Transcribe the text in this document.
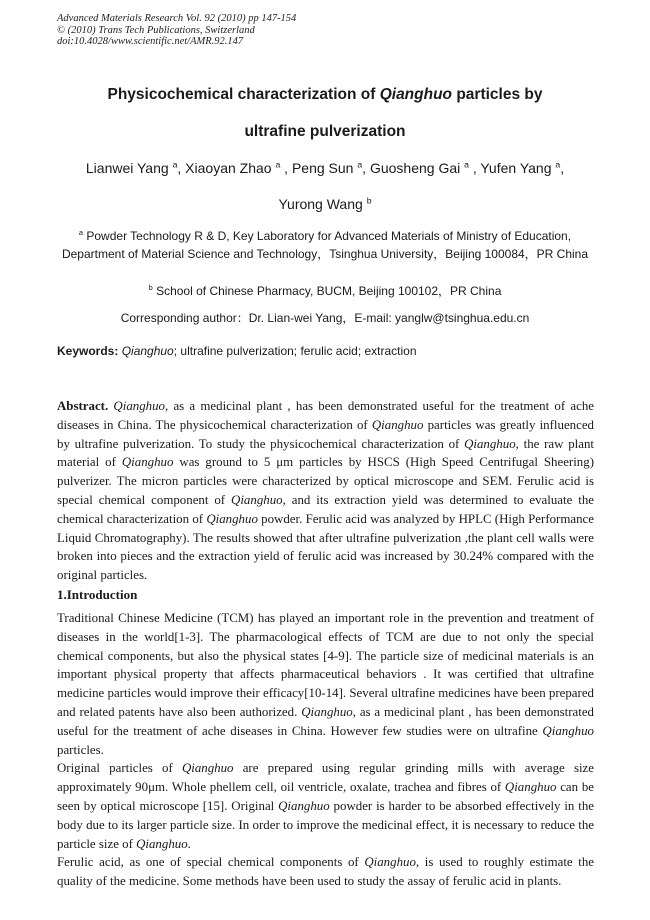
Advanced Materials Research Vol. 92 (2010) pp 147-154
© (2010) Trans Tech Publications, Switzerland
doi:10.4028/www.scientific.net/AMR.92.147
Physicochemical characterization of Qianghuo particles by
ultrafine pulverization
Lianwei Yang $^a$, Xiaoyan Zhao $^a$ , Peng Sun $^a$, Guosheng Gai $^a$ , Yufen Yang $^a$,
Yurong Wang $^b$
$^a$ Powder Technology R & D, Key Laboratory for Advanced Materials of Ministry of Education, Department of Material Science and Technology，Tsinghua University，Beijing 100084，PR China
$^b$ School of Chinese Pharmacy, BUCM, Beijing 100102，PR China
Corresponding author：Dr. Lian-wei Yang，E-mail: yanglw@tsinghua.edu.cn
Keywords: Qianghuo; ultrafine pulverization; ferulic acid; extraction
Abstract. Qianghuo, as a medicinal plant , has been demonstrated useful for the treatment of ache diseases in China. The physicochemical characterization of Qianghuo particles was greatly influenced by ultrafine pulverization. To study the physicochemical characterization of Qianghuo, the raw plant material of Qianghuo was ground to 5 μm particles by HSCS (High Speed Centrifugal Sheering) pulverizer. The micron particles were characterized by optical microscope and SEM. Ferulic acid is special chemical component of Qianghuo, and its extraction yield was determined to evaluate the chemical characterization of Qianghuo powder. Ferulic acid was analyzed by HPLC (High Performance Liquid Chromatography). The results showed that after ultrafine pulverization ,the plant cell walls were broken into pieces and the extraction yield of ferulic acid was increased by 30.24% compared with the original particles.
1.Introduction

Traditional Chinese Medicine (TCM) has played an important role in the prevention and treatment of diseases in the world[1-3]. The pharmacological effects of TCM are due to not only the special chemical components, but also the physical states [4-9]. The particle size of medicinal materials is an important physical property that affects pharmaceutical behaviors . It was certified that ultrafine medicine particles would improve their efficacy[10-14]. Several ultrafine medicines have been prepared and related patents have also been authorized. Qianghuo, as a medicinal plant , has been demonstrated useful for the treatment of ache diseases in China. However few studies were on ultrafine Qianghuo particles.

Original particles of Qianghuo are prepared using regular grinding mills with average size approximately 90μm. Whole phellem cell, oil ventricle, oxalate, trachea and fibres of Qianghuo can be seen by optical microscope [15]. Original Qianghuo powder is harder to be absorbed effectively in the body due to its larger particle size. In order to improve the medicinal effect, it is necessary to reduce the particle size of Qianghuo.

Ferulic acid, as one of special chemical components of Qianghuo, is used to roughly estimate the quality of the medicine. Some methods have been used to study the assay of ferulic acid in plants.
